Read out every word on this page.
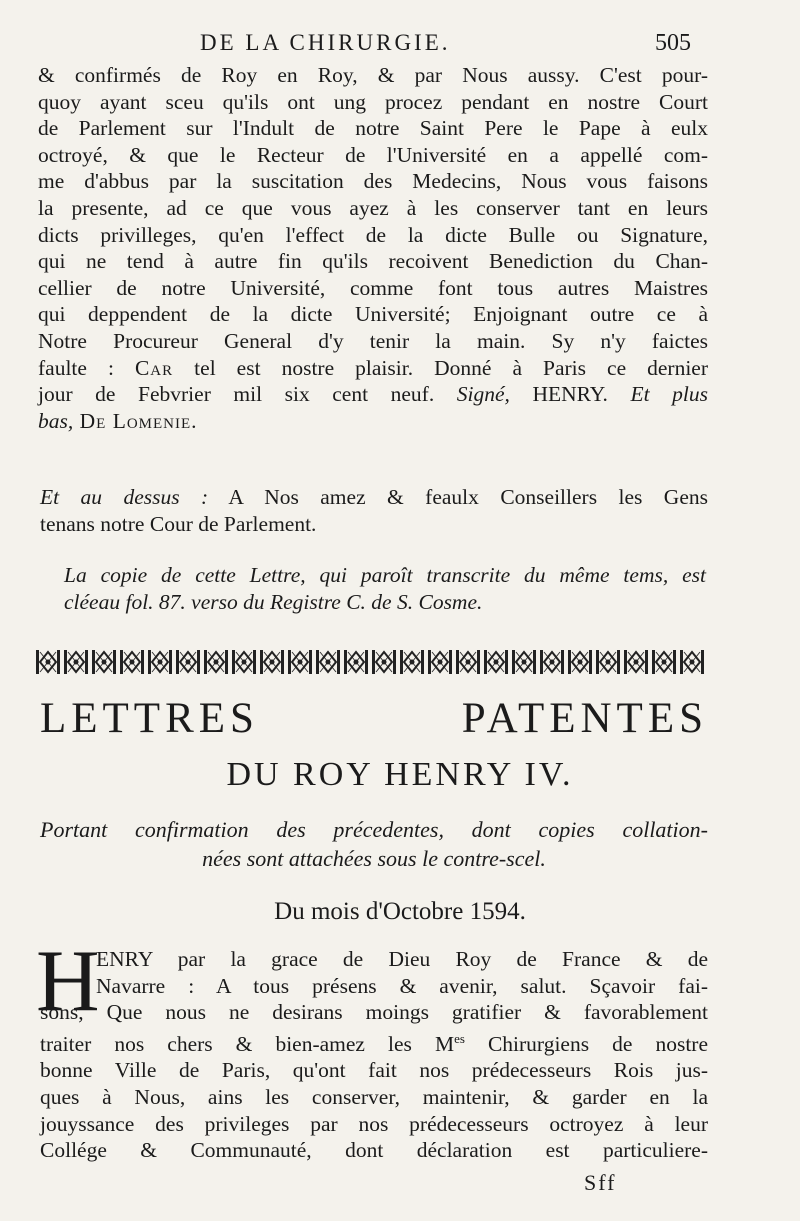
DE LA CHIRURGIE.	505
& confirmés de Roy en Roy, & par Nous aussy. C'est pour-
quoy ayant sceu qu'ils ont ung procez pendant en nostre Court
de Parlement sur l'Indult de notre Saint Pere le Pape à eulx
octroyé, & que le Recteur de l'Université en a appellé com-
me d'abbus par la suscitation des Medecins, Nous vous faisons
la presente, ad ce que vous ayez à les conserver tant en leurs
dicts privilleges, qu'en l'effect de la dicte Bulle ou Signature,
qui ne tend à autre fin qu'ils recoivent Benediction du Chan-
cellier de notre Université, comme font tous autres Maistres
qui deppendent de la dicte Université; Enjoignant outre ce à
Notre Procureur General d'y tenir la main. Sy n'y faictes
faulte : Car tel est nostre plaisir. Donné à Paris ce dernier
jour de Febvrier mil six cent neuf. Signé, HENRY. Et plus
bas, De Lomenie.
Et au dessus : A Nos amez & feaulx Conseillers les Gens
tenans notre Cour de Parlement.
La copie de cette Lettre, qui paroît transcrite du même tems, est
cléeau fol. 87. verso du Registre C. de S. Cosme.
LETTRES PATENTES
DU ROY HENRY IV.
Portant confirmation des précedentes, dont copies collation-
nées sont attachées sous le contre-scel.
Du mois d'Octobre 1594.
H
ENRY par la grace de Dieu Roy de France & de
Navarre : A tous présens & avenir, salut. Sçavoir fai-
sons, Que nous ne desirans moings gratifier & favorablement
traiter nos chers & bien-amez les $M^{es}$ Chirurgiens de nostre
bonne Ville de Paris, qu'ont fait nos prédecesseurs Rois jus-
ques à Nous, ains les conserver, maintenir, & garder en la
jouyssance des privileges par nos prédecesseurs octroyez à leur
Collége & Communauté, dont déclaration est particuliere-
Sff
